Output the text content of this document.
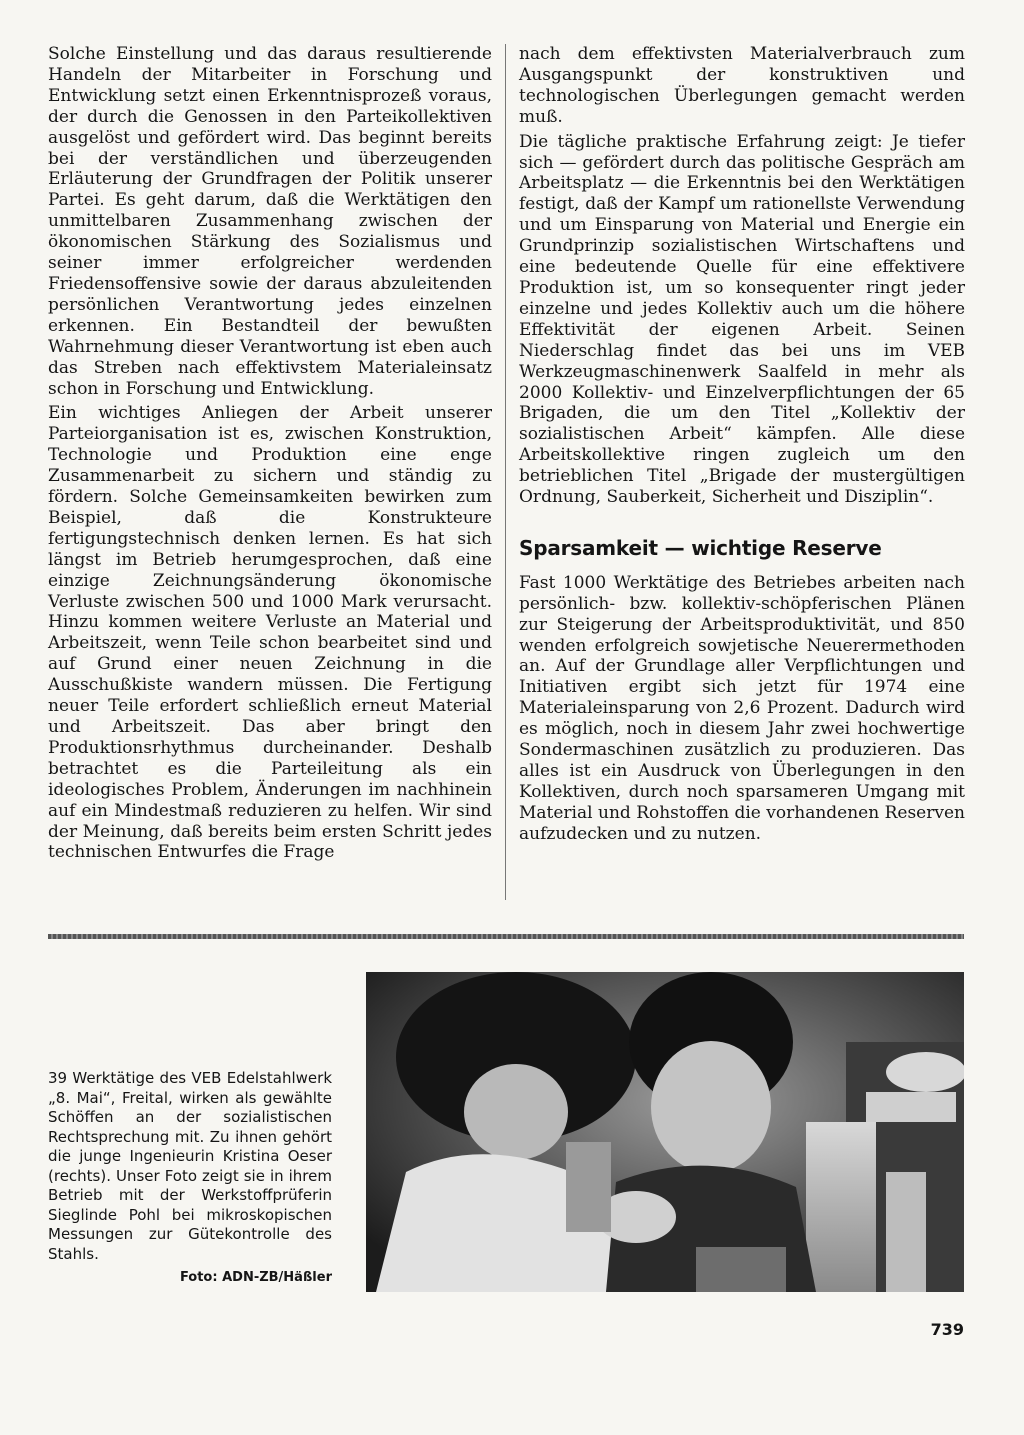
Solche Einstellung und das daraus resultierende Handeln der Mitarbeiter in Forschung und Entwicklung setzt einen Erkenntnisprozeß voraus, der durch die Genossen in den Parteikollektiven ausgelöst und gefördert wird. Das beginnt bereits bei der verständlichen und überzeugenden Erläuterung der Grundfragen der Politik unserer Partei. Es geht darum, daß die Werktätigen den unmittelbaren Zusammenhang zwischen der ökonomischen Stärkung des Sozialismus und seiner immer erfolgreicher werdenden Friedensoffensive sowie der daraus abzuleitenden persönlichen Verantwortung jedes einzelnen erkennen. Ein Bestandteil der bewußten Wahrnehmung dieser Verantwortung ist eben auch das Streben nach effektivstem Materialeinsatz schon in Forschung und Entwicklung.

Ein wichtiges Anliegen der Arbeit unserer Parteiorganisation ist es, zwischen Konstruktion, Technologie und Produktion eine enge Zusammenarbeit zu sichern und ständig zu fördern. Solche Gemeinsamkeiten bewirken zum Beispiel, daß die Konstrukteure fertigungstechnisch denken lernen. Es hat sich längst im Betrieb herumgesprochen, daß eine einzige Zeichnungsänderung ökonomische Verluste zwischen 500 und 1000 Mark verursacht. Hinzu kommen weitere Verluste an Material und Arbeitszeit, wenn Teile schon bearbeitet sind und auf Grund einer neuen Zeichnung in die Ausschußkiste wandern müssen. Die Fertigung neuer Teile erfordert schließlich erneut Material und Arbeitszeit. Das aber bringt den Produktionsrhythmus durcheinander. Deshalb betrachtet es die Parteileitung als ein ideologisches Problem, Änderungen im nachhinein auf ein Mindestmaß reduzieren zu helfen. Wir sind der Meinung, daß bereits beim ersten Schritt jedes technischen Entwurfes die Frage

nach dem effektivsten Materialverbrauch zum Ausgangspunkt der konstruktiven und technologischen Überlegungen gemacht werden muß.

Die tägliche praktische Erfahrung zeigt: Je tiefer sich — gefördert durch das politische Gespräch am Arbeitsplatz — die Erkenntnis bei den Werktätigen festigt, daß der Kampf um rationellste Verwendung und um Einsparung von Material und Energie ein Grundprinzip sozialistischen Wirtschaftens und eine bedeutende Quelle für eine effektivere Produktion ist, um so konsequenter ringt jeder einzelne und jedes Kollektiv auch um die höhere Effektivität der eigenen Arbeit. Seinen Niederschlag findet das bei uns im VEB Werkzeugmaschinenwerk Saalfeld in mehr als 2000 Kollektiv- und Einzelverpflichtungen der 65 Brigaden, die um den Titel „Kollektiv der sozialistischen Arbeit“ kämpfen. Alle diese Arbeitskollektive ringen zugleich um den betrieblichen Titel „Brigade der mustergültigen Ordnung, Sauberkeit, Sicherheit und Disziplin“.

Sparsamkeit — wichtige Reserve

Fast 1000 Werktätige des Betriebes arbeiten nach persönlich- bzw. kollektiv-schöpferischen Plänen zur Steigerung der Arbeitsproduktivität, und 850 wenden erfolgreich sowjetische Neuerermethoden an. Auf der Grundlage aller Verpflichtungen und Initiativen ergibt sich jetzt für 1974 eine Materialeinsparung von 2,6 Prozent. Dadurch wird es möglich, noch in diesem Jahr zwei hochwertige Sondermaschinen zusätzlich zu produzieren. Das alles ist ein Ausdruck von Überlegungen in den Kollektiven, durch noch sparsameren Umgang mit Material und Rohstoffen die vorhandenen Reserven aufzudecken und zu nutzen.

39 Werktätige des VEB Edelstahlwerk „8. Mai“, Freital, wirken als gewählte Schöffen an der sozialistischen Rechtsprechung mit. Zu ihnen gehört die junge Ingenieurin Kristina Oeser (rechts). Unser Foto zeigt sie in ihrem Betrieb mit der Werkstoffprüferin Sieglinde Pohl bei mikroskopischen Messungen zur Gütekontrolle des Stahls.
Foto: ADN-ZB/Häßler
739
